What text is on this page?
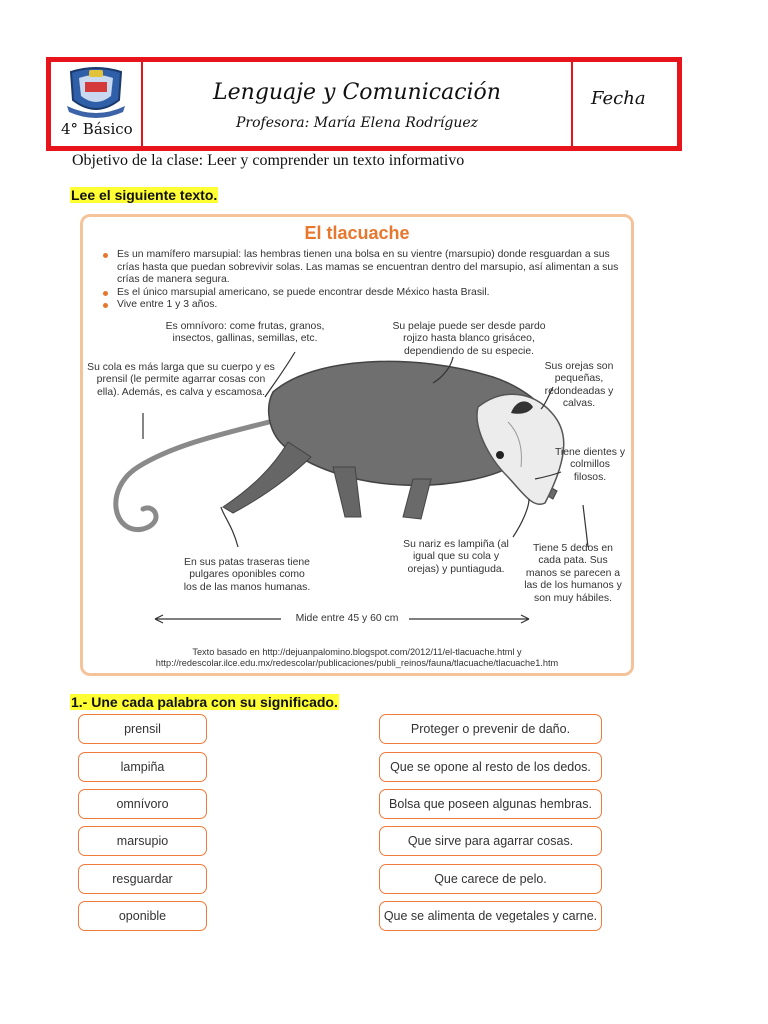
4° Básico
Lenguaje y Comunicación
Profesora: María Elena Rodríguez
Fecha
Objetivo de la clase: Leer y comprender un texto informativo
Lee el siguiente texto.
El tlacuache
Es un mamífero marsupial: las hembras tienen una bolsa en su vientre (marsupio) donde resguardan a sus crías hasta que puedan sobrevivir solas. Las mamas se encuentran dentro del marsupio, así alimentan a sus crías de manera segura.
Es el único marsupial americano, se puede encontrar desde México hasta Brasil.
Vive entre 1 y 3 años.
Es omnívoro: come frutas, granos, insectos, gallinas, semillas, etc.
Su pelaje puede ser desde pardo rojizo hasta blanco grisáceo, dependiendo de su especie.
Su cola es más larga que su cuerpo y es prensil (le permite agarrar cosas con ella). Además, es calva y escamosa.
Sus orejas son pequeñas, redondeadas y calvas.
Tiene dientes y colmillos filosos.
En sus patas traseras tiene pulgares oponibles como los de las manos humanas.
Su nariz es lampiña (al igual que su cola y orejas) y puntiaguda.
Tiene 5 dedos en cada pata. Sus manos se parecen a las de los humanos y son muy hábiles.
Mide entre 45 y 60 cm
Texto basado en http://dejuanpalomino.blogspot.com/2012/11/el-tlacuache.html y http://redescolar.ilce.edu.mx/redescolar/publicaciones/publi_reinos/fauna/tlacuache/tlacuache1.htm
1.- Une cada palabra con su significado.
prensil
lampiña
omnívoro
marsupio
resguardar
oponible
Proteger o prevenir de daño.
Que se opone al resto de los dedos.
Bolsa que poseen algunas hembras.
Que sirve para agarrar cosas.
Que carece de pelo.
Que se alimenta de vegetales y carne.
